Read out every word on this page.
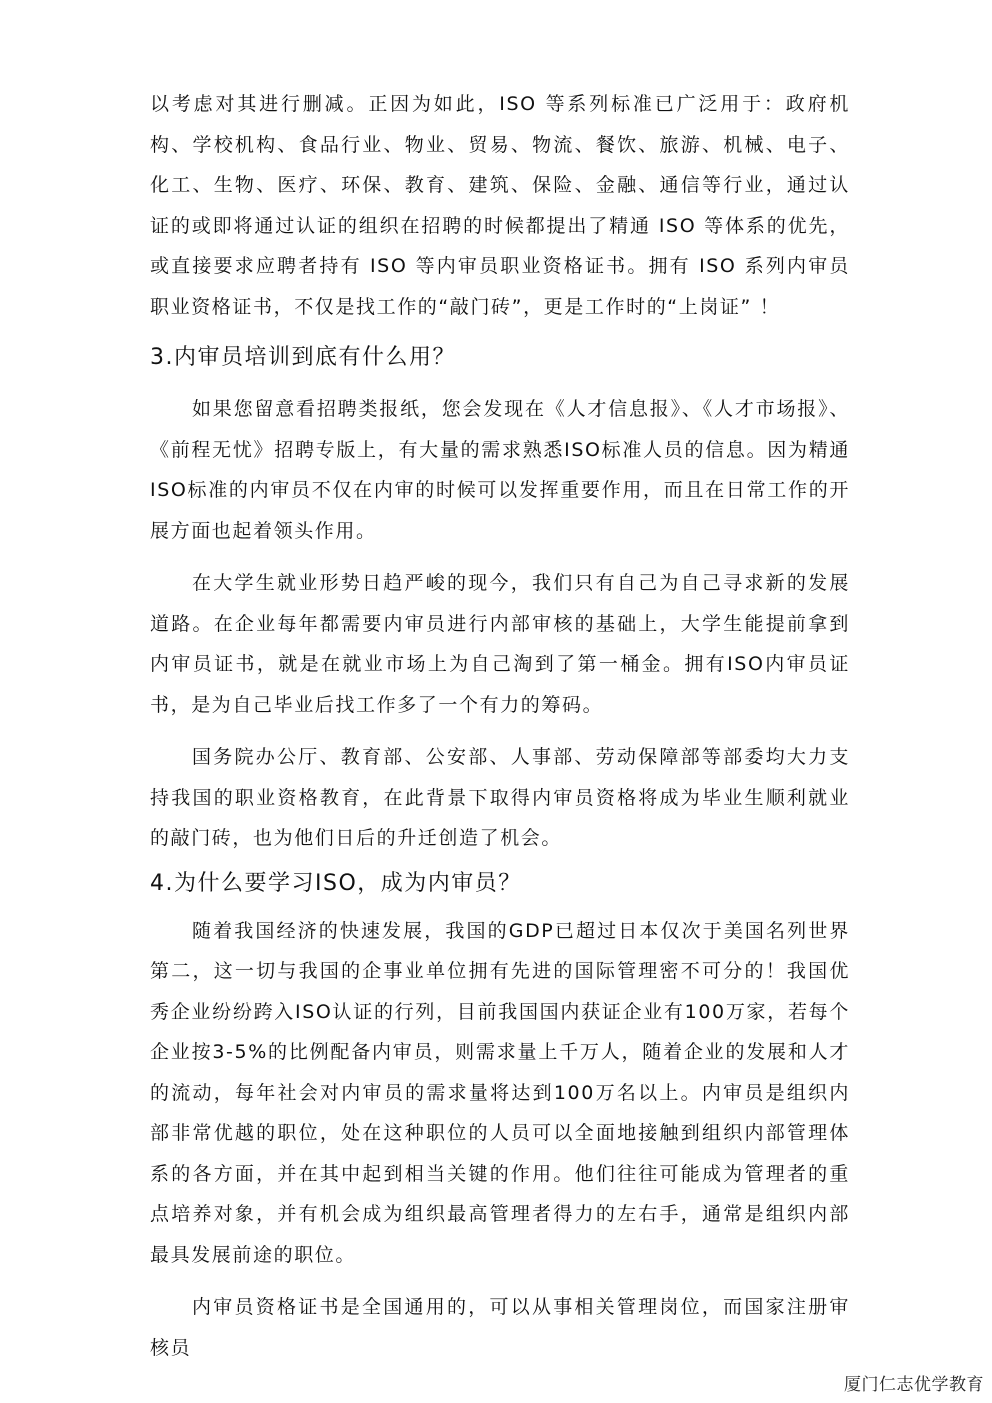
以考虑对其进行删减。正因为如此，ISO 等系列标准已广泛用于：政府机构、学校机构、食品行业、物业、贸易、物流、餐饮、旅游、机械、电子、化工、生物、医疗、环保、教育、建筑、保险、金融、通信等行业，通过认证的或即将通过认证的组织在招聘的时候都提出了精通 ISO 等体系的优先，或直接要求应聘者持有 ISO 等内审员职业资格证书。拥有 ISO 系列内审员职业资格证书，不仅是找工作的“敲门砖”，更是工作时的“上岗证” ！

3.内审员培训到底有什么用？

如果您留意看招聘类报纸，您会发现在《人才信息报》、《人才市场报》、《前程无忧》招聘专版上，有大量的需求熟悉ISO标准人员的信息。因为精通ISO标准的内审员不仅在内审的时候可以发挥重要作用，而且在日常工作的开展方面也起着领头作用。

在大学生就业形势日趋严峻的现今，我们只有自己为自己寻求新的发展道路。在企业每年都需要内审员进行内部审核的基础上，大学生能提前拿到内审员证书，就是在就业市场上为自己淘到了第一桶金。拥有ISO内审员证书，是为自己毕业后找工作多了一个有力的筹码。

国务院办公厅、教育部、公安部、人事部、劳动保障部等部委均大力支持我国的职业资格教育，在此背景下取得内审员资格将成为毕业生顺利就业的敲门砖，也为他们日后的升迁创造了机会。

4.为什么要学习ISO，成为内审员？

随着我国经济的快速发展，我国的GDP已超过日本仅次于美国名列世界第二，这一切与我国的企事业单位拥有先进的国际管理密不可分的！我国优秀企业纷纷跨入ISO认证的行列，目前我国国内获证企业有100万家，若每个企业按3-5%的比例配备内审员，则需求量上千万人，随着企业的发展和人才的流动，每年社会对内审员的需求量将达到100万名以上。内审员是组织内部非常优越的职位，处在这种职位的人员可以全面地接触到组织内部管理体系的各方面，并在其中起到相当关键的作用。他们往往可能成为管理者的重点培养对象，并有机会成为组织最高管理者得力的左右手，通常是组织内部最具发展前途的职位。

内审员资格证书是全国通用的，可以从事相关管理岗位，而国家注册审核员

厦门仁志优学教育
